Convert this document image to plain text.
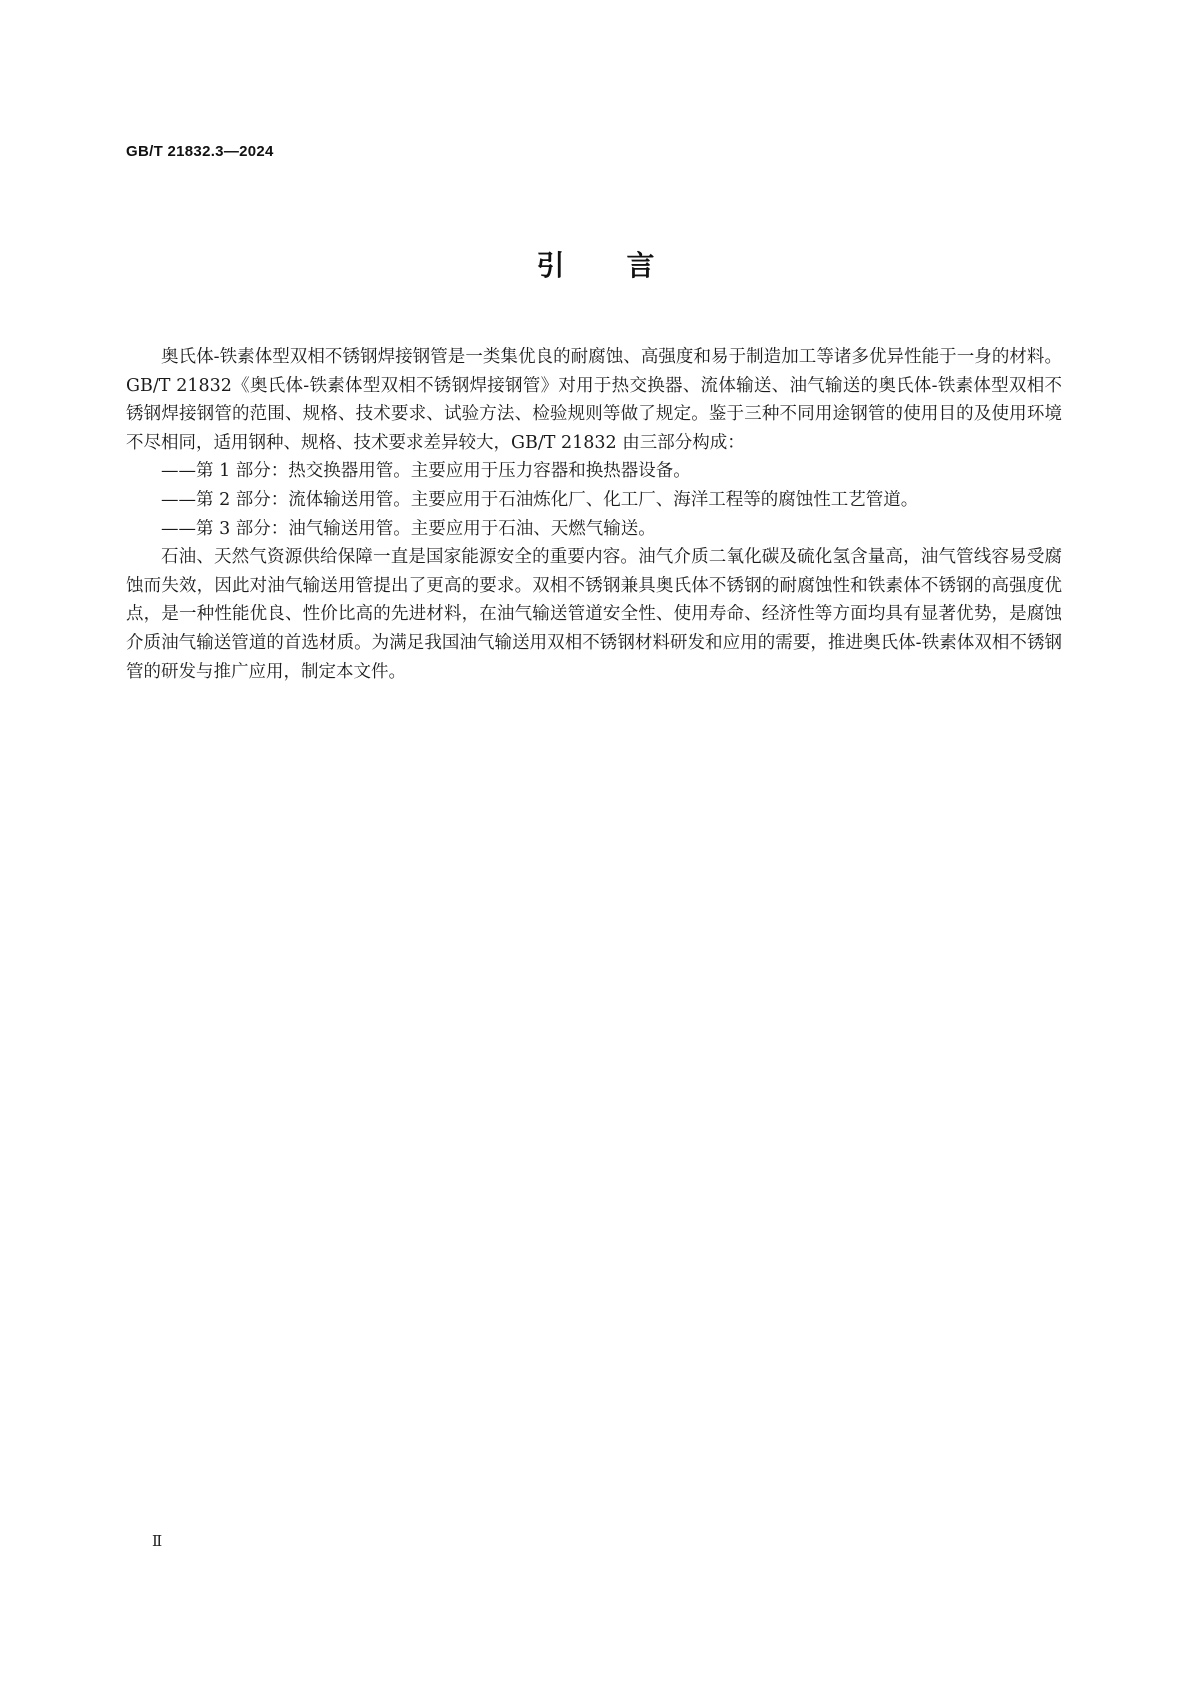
GB/T 21832.3—2024
引言

奥氏体-铁素体型双相不锈钢焊接钢管是一类集优良的耐腐蚀、高强度和易于制造加工等诸多优异性能于一身的材料。GB/T 21832《奥氏体-铁素体型双相不锈钢焊接钢管》对用于热交换器、流体输送、油气输送的奥氏体-铁素体型双相不锈钢焊接钢管的范围、规格、技术要求、试验方法、检验规则等做了规定。鉴于三种不同用途钢管的使用目的及使用环境不尽相同，适用钢种、规格、技术要求差异较大，GB/T 21832 由三部分构成：

——第 1 部分：热交换器用管。主要应用于压力容器和换热器设备。

——第 2 部分：流体输送用管。主要应用于石油炼化厂、化工厂、海洋工程等的腐蚀性工艺管道。

——第 3 部分：油气输送用管。主要应用于石油、天燃气输送。

石油、天然气资源供给保障一直是国家能源安全的重要内容。油气介质二氧化碳及硫化氢含量高，油气管线容易受腐蚀而失效，因此对油气输送用管提出了更高的要求。双相不锈钢兼具奥氏体不锈钢的耐腐蚀性和铁素体不锈钢的高强度优点，是一种性能优良、性价比高的先进材料，在油气输送管道安全性、使用寿命、经济性等方面均具有显著优势，是腐蚀介质油气输送管道的首选材质。为满足我国油气输送用双相不锈钢材料研发和应用的需要，推进奥氏体-铁素体双相不锈钢管的研发与推广应用，制定本文件。

Ⅱ
